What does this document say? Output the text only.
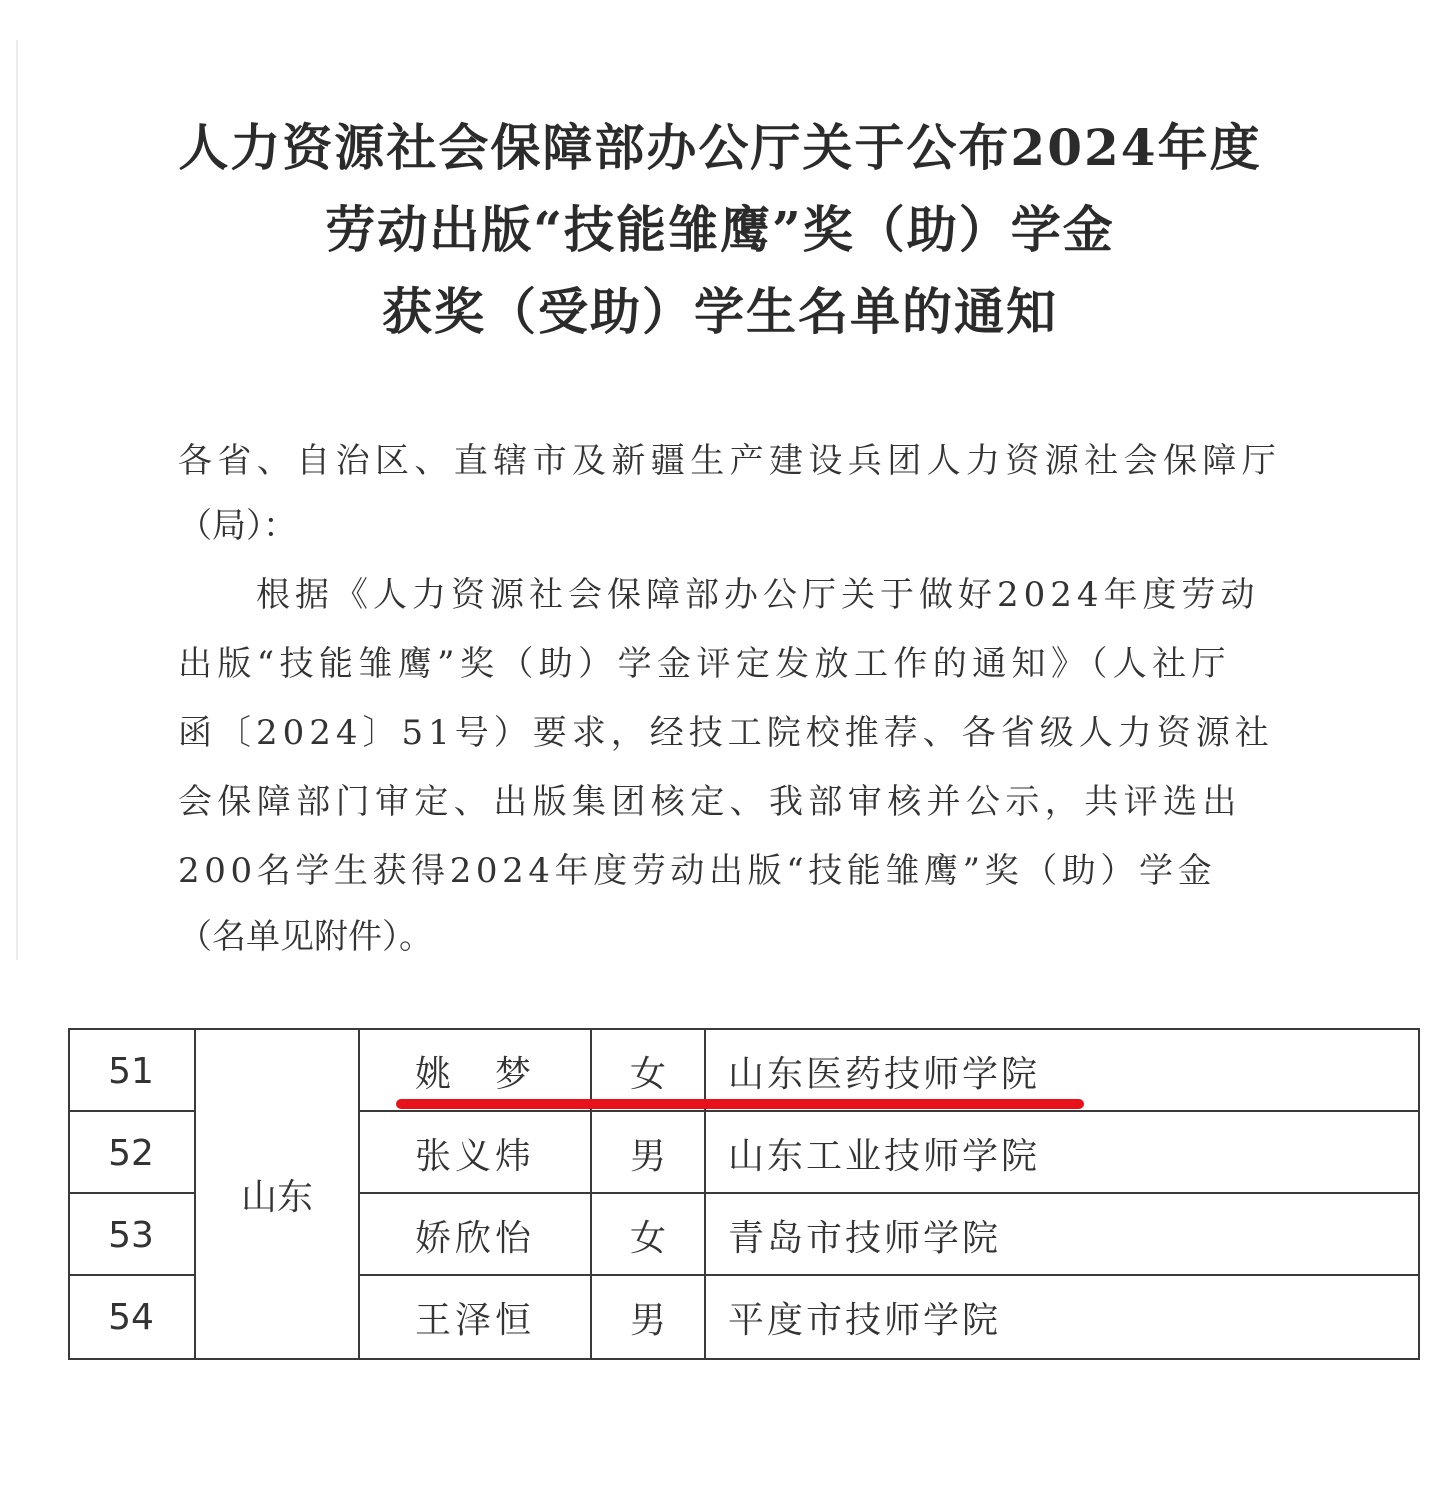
人力资源社会保障部办公厅关于公布2024年度
劳动出版“技能雏鹰”奖（助）学金
获奖（受助）学生名单的通知
各省、自治区、直辖市及新疆生产建设兵团人力资源社会保障厅
（局）：
　　根据《人力资源社会保障部办公厅关于做好2024年度劳动
出版“技能雏鹰”奖（助）学金评定发放工作的通知》（人社厅
函〔2024〕51号）要求，经技工院校推荐、各省级人力资源社
会保障部门审定、出版集团核定、我部审核并公示，共评选出
200名学生获得2024年度劳动出版“技能雏鹰”奖（助）学金
（名单见附件）。
山东
51	姚　梦	女	山东医药技师学院
52	张义炜	男	山东工业技师学院
53	娇欣怡	女	青岛市技师学院
54	王泽恒	男	平度市技师学院
